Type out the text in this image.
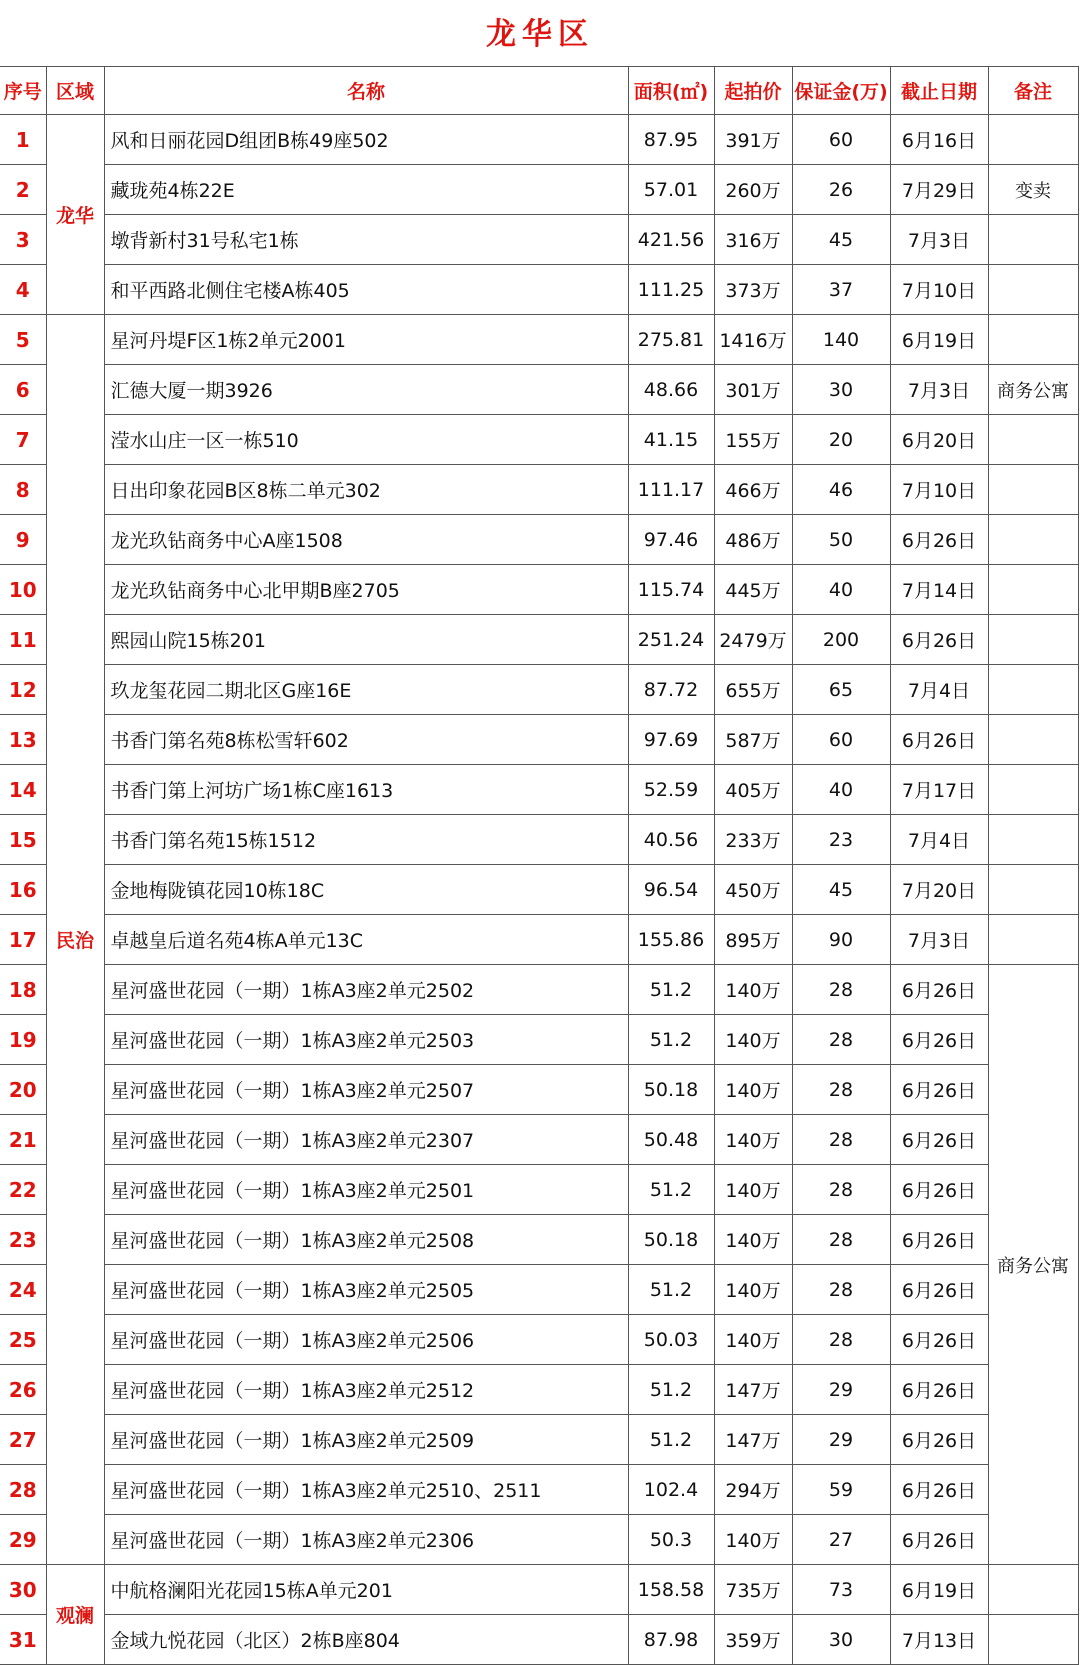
龙华区
序号	区域	名称	面积(㎡)	起拍价	保证金(万)	截止日期	备注
1	龙华	风和日丽花园D组团B栋49座502	87.95	391万	60	6月16日	
2		藏珑苑4栋22E	57.01	260万	26	7月29日	变卖
3		墩背新村31号私宅1栋	421.56	316万	45	7月3日	
4		和平西路北侧住宅楼A栋405	111.25	373万	37	7月10日	
5	民治	星河丹堤F区1栋2单元2001	275.81	1416万	140	6月19日	
6		汇德大厦一期3926	48.66	301万	30	7月3日	商务公寓
7		滢水山庄一区一栋510	41.15	155万	20	6月20日	
8		日出印象花园B区8栋二单元302	111.17	466万	46	7月10日	
9		龙光玖钻商务中心A座1508	97.46	486万	50	6月26日	
10		龙光玖钻商务中心北甲期B座2705	115.74	445万	40	7月14日	
11		熙园山院15栋201	251.24	2479万	200	6月26日	
12		玖龙玺花园二期北区G座16E	87.72	655万	65	7月4日	
13		书香门第名苑8栋松雪轩602	97.69	587万	60	6月26日	
14		书香门第上河坊广场1栋C座1613	52.59	405万	40	7月17日	
15		书香门第名苑15栋1512	40.56	233万	23	7月4日	
16		金地梅陇镇花园10栋18C	96.54	450万	45	7月20日	
17		卓越皇后道名苑4栋A单元13C	155.86	895万	90	7月3日	
18		星河盛世花园（一期）1栋A3座2单元2502	51.2	140万	28	6月26日	商务公寓
19		星河盛世花园（一期）1栋A3座2单元2503	51.2	140万	28	6月26日	
20		星河盛世花园（一期）1栋A3座2单元2507	50.18	140万	28	6月26日	
21		星河盛世花园（一期）1栋A3座2单元2307	50.48	140万	28	6月26日	
22		星河盛世花园（一期）1栋A3座2单元2501	51.2	140万	28	6月26日	
23		星河盛世花园（一期）1栋A3座2单元2508	50.18	140万	28	6月26日	
24		星河盛世花园（一期）1栋A3座2单元2505	51.2	140万	28	6月26日	
25		星河盛世花园（一期）1栋A3座2单元2506	50.03	140万	28	6月26日	
26		星河盛世花园（一期）1栋A3座2单元2512	51.2	147万	29	6月26日	
27		星河盛世花园（一期）1栋A3座2单元2509	51.2	147万	29	6月26日	
28		星河盛世花园（一期）1栋A3座2单元2510、2511	102.4	294万	59	6月26日	
29		星河盛世花园（一期）1栋A3座2单元2306	50.3	140万	27	6月26日	
30	观澜	中航格澜阳光花园15栋A单元201	158.58	735万	73	6月19日	
31		金域九悦花园（北区）2栋B座804	87.98	359万	30	7月13日	
